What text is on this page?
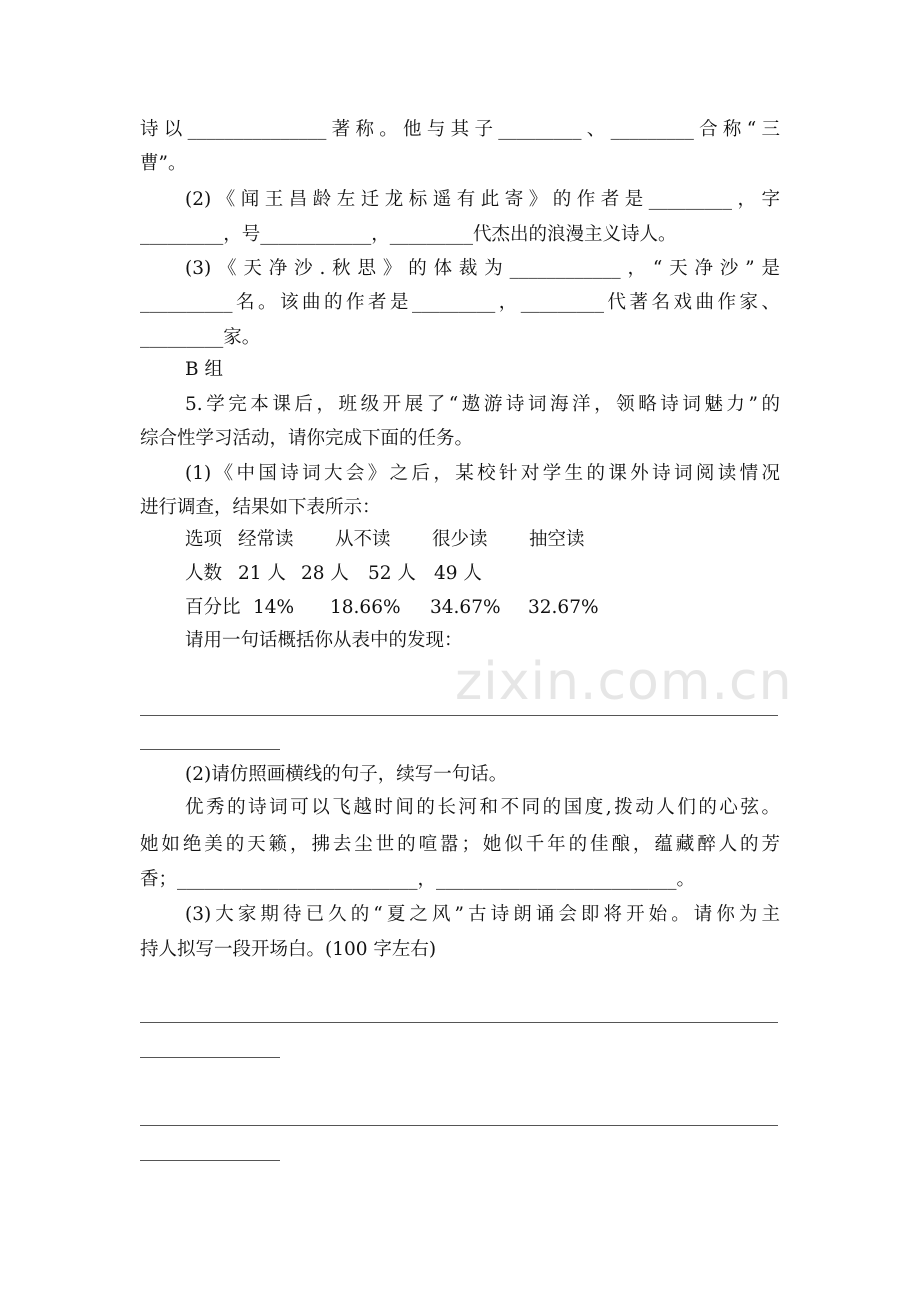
zixin.com.cn
诗以_______________著称。他与其子_________、_________合称“三
曹”。
(2)《闻王昌龄左迁龙标遥有此寄》的作者是_________，字
_________，号____________，_________代杰出的浪漫主义诗人。
(3)《天净沙.秋思》的体裁为____________，“天净沙”是
__________名。该曲的作者是_________，_________代著名戏曲作家、
_________家。
B 组
5.学完本课后，班级开展了“遨游诗词海洋，领略诗词魅力”的
综合性学习活动，请你完成下面的任务。
(1)《中国诗词大会》之后，某校针对学生的课外诗词阅读情况
进行调查，结果如下表所示：
选项 经常读 从不读 很少读 抽空读
人数 21 人 28 人 52 人 49 人
百分比 14% 18.66% 34.67% 32.67%
请用一句话概括你从表中的发现：
(2)请仿照画横线的句子，续写一句话。
优秀的诗词可以飞越时间的长河和不同的国度,拨动人们的心弦。
她如绝美的天籁，拂去尘世的喧嚣；她似千年的佳酿，蕴藏醉人的芳
香；__________________________，__________________________。
(3)大家期待已久的“夏之风”古诗朗诵会即将开始。请你为主
持人拟写一段开场白。(100 字左右)
